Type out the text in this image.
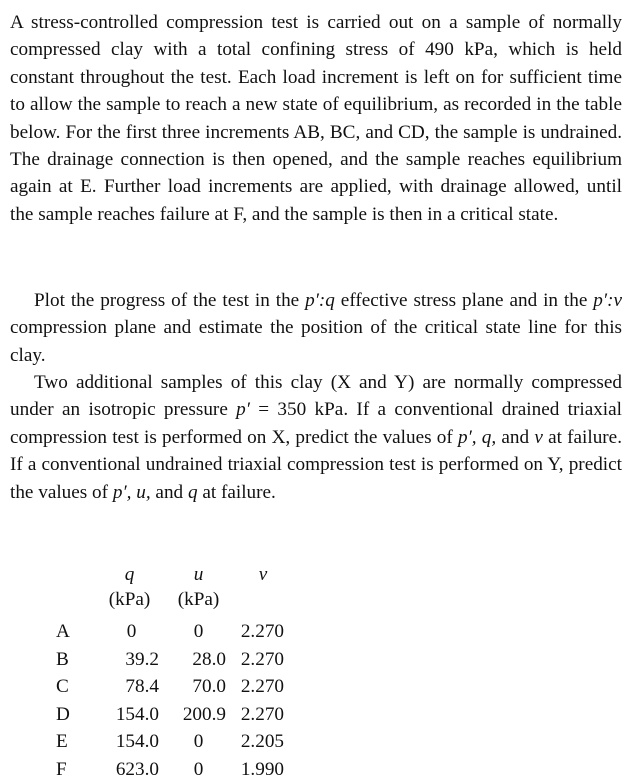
A stress-controlled compression test is carried out on a sample of normally compressed clay with a total confining stress of 490 kPa, which is held constant throughout the test. Each load increment is left on for sufficient time to allow the sample to reach a new state of equilibrium, as recorded in the table below. For the first three increments AB, BC, and CD, the sample is undrained. The drainage connection is then opened, and the sample reaches equilibrium again at E. Further load increments are applied, with drainage allowed, until the sample reaches failure at F, and the sample is then in a critical state.

Plot the progress of the test in the p′:q effective stress plane and in the p′:v compression plane and estimate the position of the critical state line for this clay.

Two additional samples of this clay (X and Y) are normally compressed under an isotropic pressure p′ = 350 kPa. If a conventional drained triaxial compression test is performed on X, predict the values of p′, q, and v at failure. If a conventional undrained triaxial compression test is performed on Y, predict the values of p′, u, and q at failure.

	q	u	v
	(kPa)	(kPa)	
A	0	0	2.270
B	39.2	28.0	2.270
C	78.4	70.0	2.270
D	154.0	200.9	2.270
E	154.0	0	2.205
F	623.0	0	1.990
